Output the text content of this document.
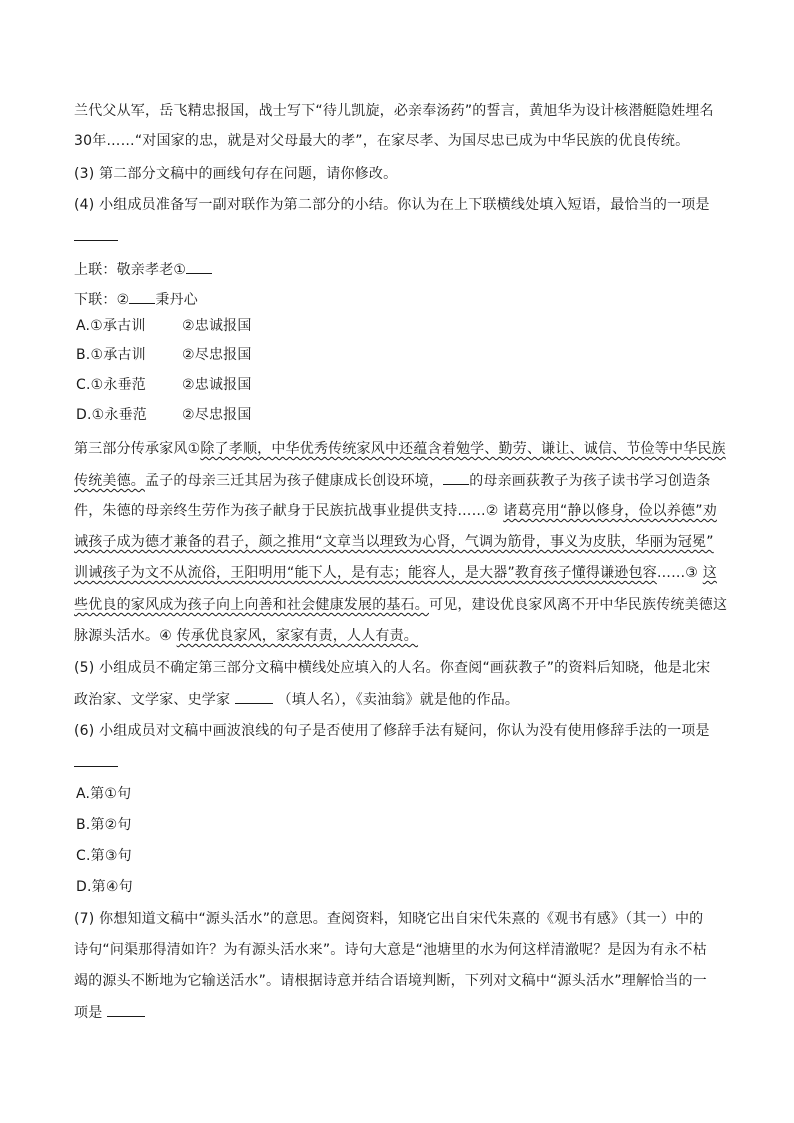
兰代父从军，岳飞精忠报国，战士写下“待儿凯旋，必亲奉汤药”的誓言，黄旭华为设计核潜艇隐姓埋名
30年……“对国家的忠，就是对父母最大的孝”，在家尽孝、为国尽忠已成为中华民族的优良传统。
(3) 第二部分文稿中的画线句存在问题，请你修改。
(4) 小组成员准备写一副对联作为第二部分的小结。你认为在上下联横线处填入短语，最恰当的一项是
上联：敬亲孝老①
下联：② 秉丹心
A.①承古训	②忠诚报国
B.①承古训	②尽忠报国
C.①永垂范	②忠诚报国
D.①永垂范	②尽忠报国
第三部分传承家风①除了孝顺，中华优秀传统家风中还蕴含着勉学、勤劳、谦让、诚信、节俭等中华民族
传统美德。孟子的母亲三迁其居为孩子健康成长创设环境， 的母亲画荻教子为孩子读书学习创造条
件，朱德的母亲终生劳作为孩子献身于民族抗战事业提供支持……② 诸葛亮用“静以修身，俭以养德”劝
诫孩子成为德才兼备的君子，颜之推用“文章当以理致为心肾，气调为筋骨，事义为皮肤，华丽为冠冕”
训诫孩子为文不从流俗，王阳明用“能下人，是有志；能容人，是大器”教育孩子懂得谦逊包容……③ 这
些优良的家风成为孩子向上向善和社会健康发展的基石。可见，建设优良家风离不开中华民族传统美德这
脉源头活水。④ 传承优良家风，家家有责，人人有责。
(5) 小组成员不确定第三部分文稿中横线处应填入的人名。你查阅“画荻教子”的资料后知晓，他是北宋
政治家、文学家、史学家	（填人名），《卖油翁》就是他的作品。
(6) 小组成员对文稿中画波浪线的句子是否使用了修辞手法有疑问，你认为没有使用修辞手法的一项是
A.第①句
B.第②句
C.第③句
D.第④句
(7) 你想知道文稿中“源头活水”的意思。查阅资料，知晓它出自宋代朱熹的《观书有感》（其一）中的
诗句“问渠那得清如许？为有源头活水来”。诗句大意是“池塘里的水为何这样清澈呢？是因为有永不枯
竭的源头不断地为它输送活水”。请根据诗意并结合语境判断，下列对文稿中“源头活水”理解恰当的一
项是
